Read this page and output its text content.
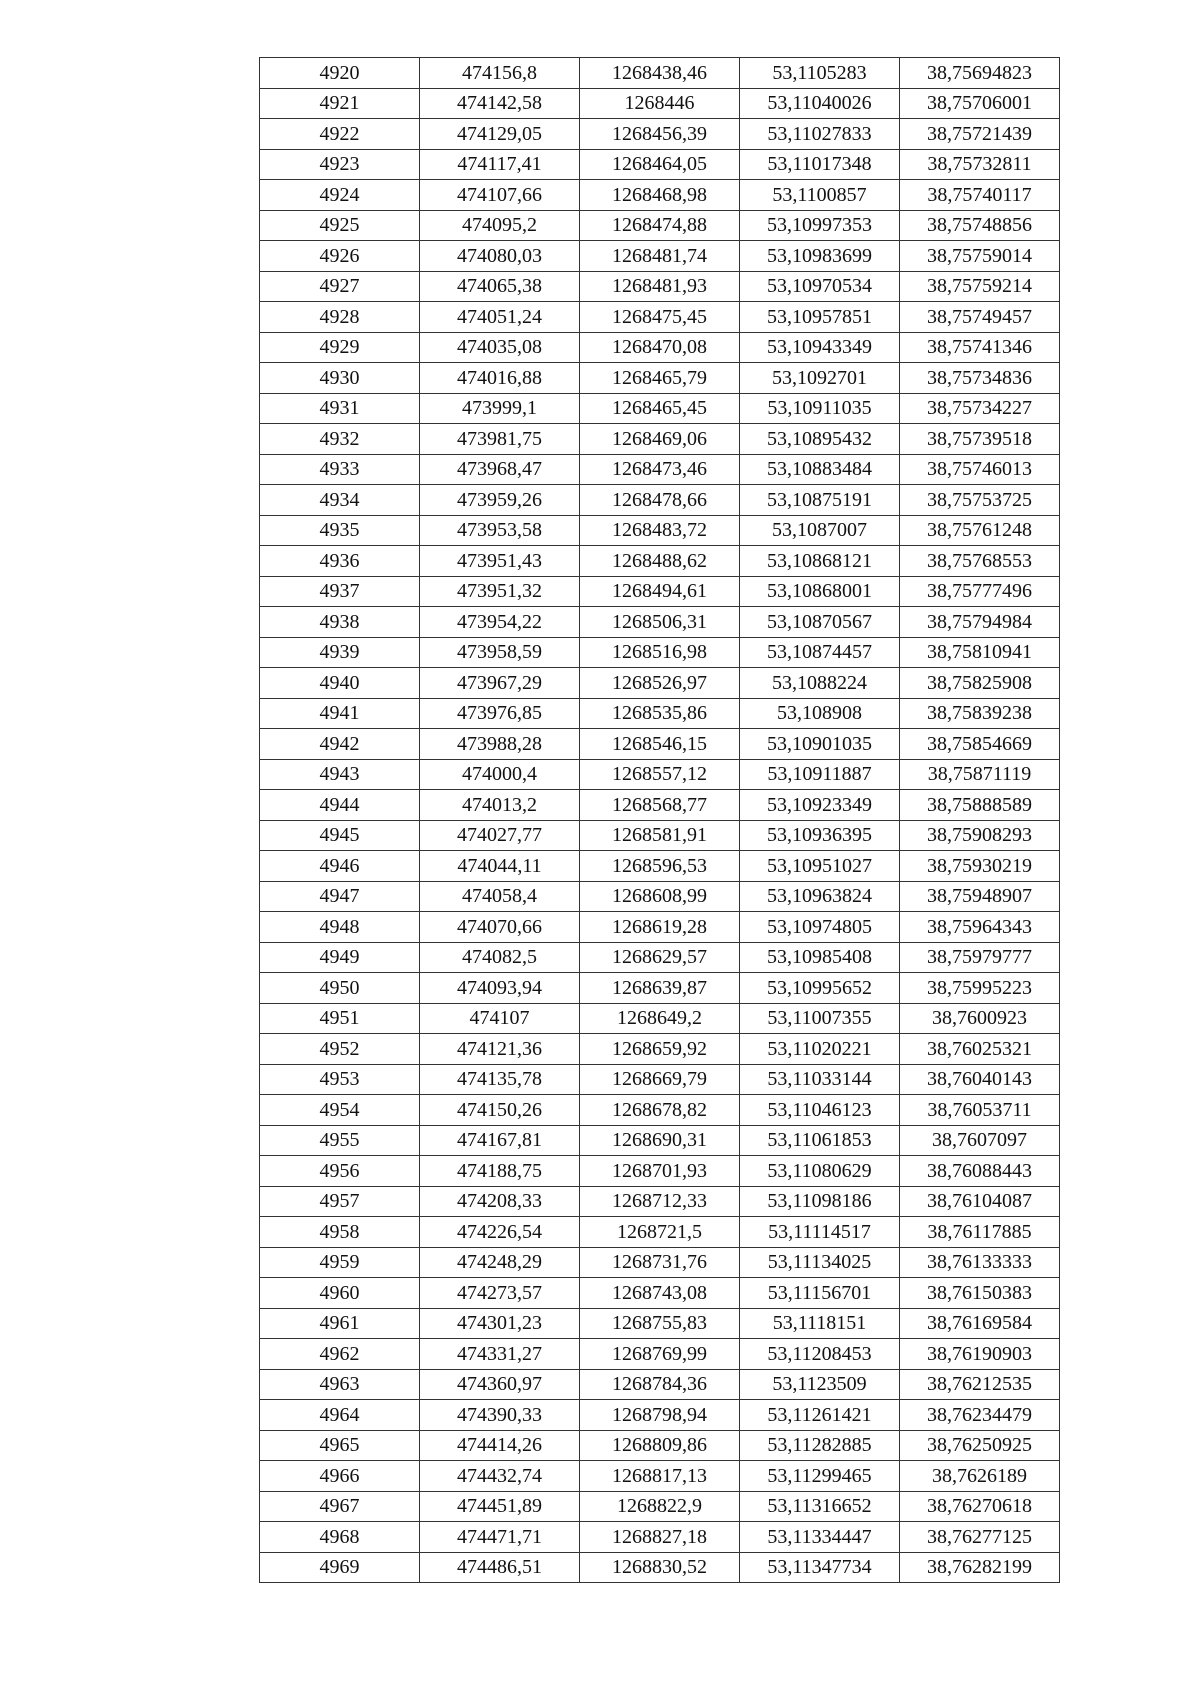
4920	474156,8	1268438,46	53,1105283	38,75694823
4921	474142,58	1268446	53,11040026	38,75706001
4922	474129,05	1268456,39	53,11027833	38,75721439
4923	474117,41	1268464,05	53,11017348	38,75732811
4924	474107,66	1268468,98	53,1100857	38,75740117
4925	474095,2	1268474,88	53,10997353	38,75748856
4926	474080,03	1268481,74	53,10983699	38,75759014
4927	474065,38	1268481,93	53,10970534	38,75759214
4928	474051,24	1268475,45	53,10957851	38,75749457
4929	474035,08	1268470,08	53,10943349	38,75741346
4930	474016,88	1268465,79	53,1092701	38,75734836
4931	473999,1	1268465,45	53,10911035	38,75734227
4932	473981,75	1268469,06	53,10895432	38,75739518
4933	473968,47	1268473,46	53,10883484	38,75746013
4934	473959,26	1268478,66	53,10875191	38,75753725
4935	473953,58	1268483,72	53,1087007	38,75761248
4936	473951,43	1268488,62	53,10868121	38,75768553
4937	473951,32	1268494,61	53,10868001	38,75777496
4938	473954,22	1268506,31	53,10870567	38,75794984
4939	473958,59	1268516,98	53,10874457	38,75810941
4940	473967,29	1268526,97	53,1088224	38,75825908
4941	473976,85	1268535,86	53,108908	38,75839238
4942	473988,28	1268546,15	53,10901035	38,75854669
4943	474000,4	1268557,12	53,10911887	38,75871119
4944	474013,2	1268568,77	53,10923349	38,75888589
4945	474027,77	1268581,91	53,10936395	38,75908293
4946	474044,11	1268596,53	53,10951027	38,75930219
4947	474058,4	1268608,99	53,10963824	38,75948907
4948	474070,66	1268619,28	53,10974805	38,75964343
4949	474082,5	1268629,57	53,10985408	38,75979777
4950	474093,94	1268639,87	53,10995652	38,75995223
4951	474107	1268649,2	53,11007355	38,7600923
4952	474121,36	1268659,92	53,11020221	38,76025321
4953	474135,78	1268669,79	53,11033144	38,76040143
4954	474150,26	1268678,82	53,11046123	38,76053711
4955	474167,81	1268690,31	53,11061853	38,7607097
4956	474188,75	1268701,93	53,11080629	38,76088443
4957	474208,33	1268712,33	53,11098186	38,76104087
4958	474226,54	1268721,5	53,11114517	38,76117885
4959	474248,29	1268731,76	53,11134025	38,76133333
4960	474273,57	1268743,08	53,11156701	38,76150383
4961	474301,23	1268755,83	53,1118151	38,76169584
4962	474331,27	1268769,99	53,11208453	38,76190903
4963	474360,97	1268784,36	53,1123509	38,76212535
4964	474390,33	1268798,94	53,11261421	38,76234479
4965	474414,26	1268809,86	53,11282885	38,76250925
4966	474432,74	1268817,13	53,11299465	38,7626189
4967	474451,89	1268822,9	53,11316652	38,76270618
4968	474471,71	1268827,18	53,11334447	38,76277125
4969	474486,51	1268830,52	53,11347734	38,76282199
